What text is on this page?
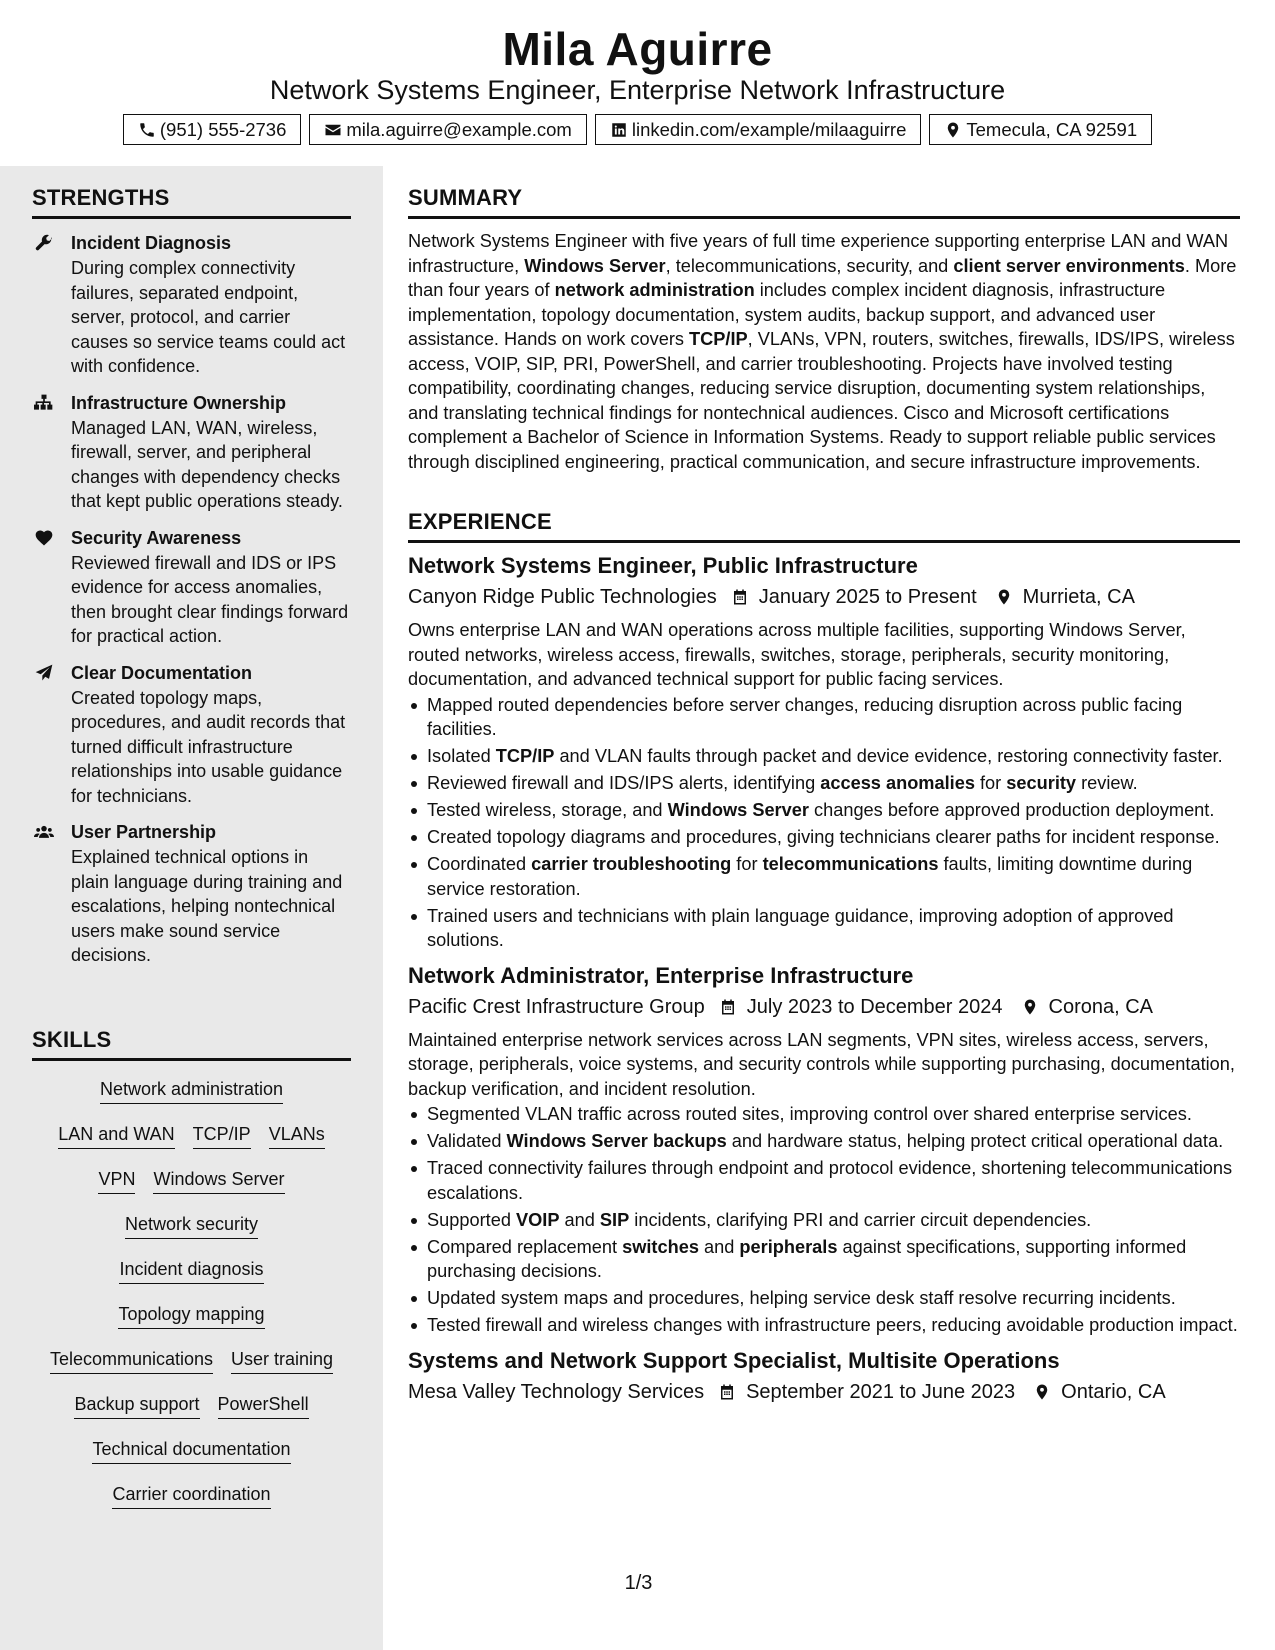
Mila Aguirre
Network Systems Engineer, Enterprise Network Infrastructure
(951) 555-2736	mila.aguirre@example.com	linkedin.com/example/milaaguirre	Temecula, CA 92591
STRENGTHS
Incident Diagnosis
During complex connectivity failures, separated endpoint, server, protocol, and carrier causes so service teams could act with confidence.
Infrastructure Ownership
Managed LAN, WAN, wireless, firewall, server, and peripheral changes with dependency checks that kept public operations steady.
Security Awareness
Reviewed firewall and IDS or IPS evidence for access anomalies, then brought clear findings forward for practical action.
Clear Documentation
Created topology maps, procedures, and audit records that turned difficult infrastructure relationships into usable guidance for technicians.
User Partnership
Explained technical options in plain language during training and escalations, helping nontechnical users make sound service decisions.
SKILLS
Network administration
LAN and WAN TCP/IP VLANs
VPN Windows Server
Network security
Incident diagnosis
Topology mapping
Telecommunications User training
Backup support PowerShell
Technical documentation
Carrier coordination
SUMMARY

Network Systems Engineer with five years of full time experience supporting enterprise LAN and WAN infrastructure, Windows Server, telecommunications, security, and client server environments. More than four years of network administration includes complex incident diagnosis, infrastructure implementation, topology documentation, system audits, backup support, and advanced user assistance. Hands on work covers TCP/IP, VLANs, VPN, routers, switches, firewalls, IDS/IPS, wireless access, VOIP, SIP, PRI, PowerShell, and carrier troubleshooting. Projects have involved testing compatibility, coordinating changes, reducing service disruption, documenting system relationships, and translating technical findings for nontechnical audiences. Cisco and Microsoft certifications complement a Bachelor of Science in Information Systems. Ready to support reliable public services through disciplined engineering, practical communication, and secure infrastructure improvements.

EXPERIENCE
Network Systems Engineer, Public Infrastructure
Canyon Ridge Public Technologies January 2025 to Present Murrieta, CA
Owns enterprise LAN and WAN operations across multiple facilities, supporting Windows Server, routed networks, wireless access, firewalls, switches, storage, peripherals, security monitoring, documentation, and advanced technical support for public facing services.
Mapped routed dependencies before server changes, reducing disruption across public facing facilities.
Isolated TCP/IP and VLAN faults through packet and device evidence, restoring connectivity faster.
Reviewed firewall and IDS/IPS alerts, identifying access anomalies for security review.
Tested wireless, storage, and Windows Server changes before approved production deployment.
Created topology diagrams and procedures, giving technicians clearer paths for incident response.
Coordinated carrier troubleshooting for telecommunications faults, limiting downtime during service restoration.
Trained users and technicians with plain language guidance, improving adoption of approved solutions.
Network Administrator, Enterprise Infrastructure
Pacific Crest Infrastructure Group July 2023 to December 2024 Corona, CA
Maintained enterprise network services across LAN segments, VPN sites, wireless access, servers, storage, peripherals, voice systems, and security controls while supporting purchasing, documentation, backup verification, and incident resolution.
Segmented VLAN traffic across routed sites, improving control over shared enterprise services.
Validated Windows Server backups and hardware status, helping protect critical operational data.
Traced connectivity failures through endpoint and protocol evidence, shortening telecommunications escalations.
Supported VOIP and SIP incidents, clarifying PRI and carrier circuit dependencies.
Compared replacement switches and peripherals against specifications, supporting informed purchasing decisions.
Updated system maps and procedures, helping service desk staff resolve recurring incidents.
Tested firewall and wireless changes with infrastructure peers, reducing avoidable production impact.
Systems and Network Support Specialist, Multisite Operations
Mesa Valley Technology Services September 2021 to June 2023 Ontario, CA
1/3
